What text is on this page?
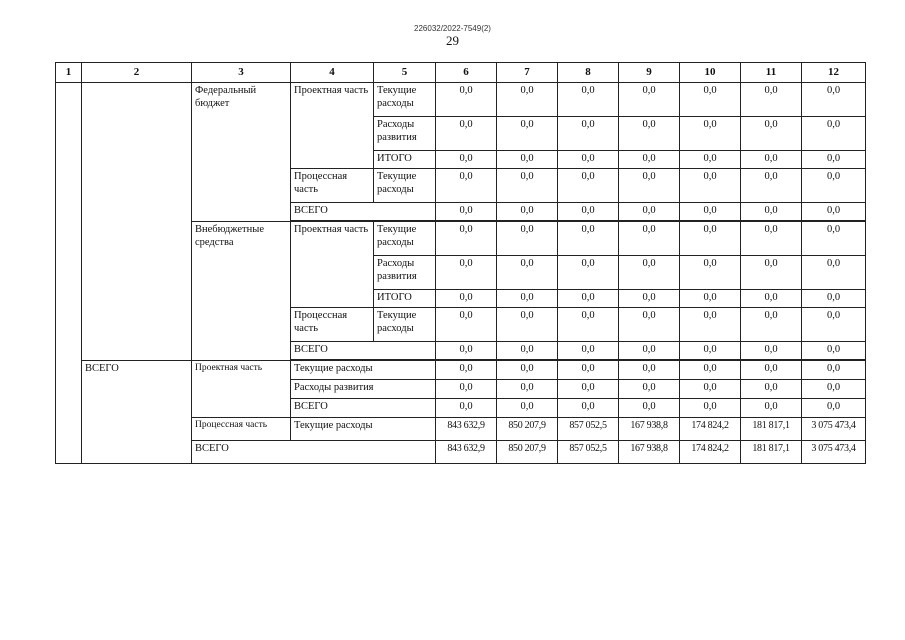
226032/2022-7549(2)
29
1	2	3	4	5	6	7	8	9	10	11	12
		Федеральный бюджет	Проектная часть	Текущие расходы	0,0	0,0	0,0	0,0	0,0	0,0	0,0
				Расходы развития	0,0	0,0	0,0	0,0	0,0	0,0	0,0
				ИТОГО	0,0	0,0	0,0	0,0	0,0	0,0	0,0
			Процессная часть	Текущие расходы	0,0	0,0	0,0	0,0	0,0	0,0	0,0
			ВСЕГО		0,0	0,0	0,0	0,0	0,0	0,0	0,0

		Внебюджетные средства	Проектная часть	Текущие расходы	0,0	0,0	0,0	0,0	0,0	0,0	0,0
				Расходы развития	0,0	0,0	0,0	0,0	0,0	0,0	0,0
				ИТОГО	0,0	0,0	0,0	0,0	0,0	0,0	0,0
			Процессная часть	Текущие расходы	0,0	0,0	0,0	0,0	0,0	0,0	0,0
			ВСЕГО		0,0	0,0	0,0	0,0	0,0	0,0	0,0

	ВСЕГО	Проектная часть	Текущие расходы		0,0	0,0	0,0	0,0	0,0	0,0	0,0
			Расходы развития		0,0	0,0	0,0	0,0	0,0	0,0	0,0
			ВСЕГО		0,0	0,0	0,0	0,0	0,0	0,0	0,0
		Процессная часть	Текущие расходы		843 632,9	850 207,9	857 052,5	167 938,8	174 824,2	181 817,1	3 075 473,4
		ВСЕГО			843 632,9	850 207,9	857 052,5	167 938,8	174 824,2	181 817,1	3 075 473,4
